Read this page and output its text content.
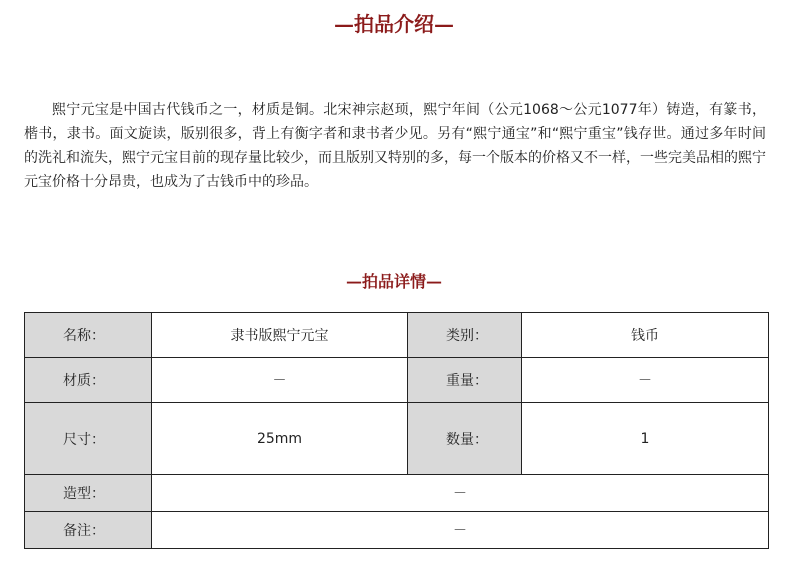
—拍品介绍—

熙宁元宝是中国古代钱币之一，材质是铜。北宋神宗赵顼，熙宁年间（公元1068～公元1077年）铸造，有篆书，楷书，隶书。面文旋读，版别很多，背上有衡字者和隶书者少见。另有“熙宁通宝”和“熙宁重宝”钱存世。通过多年时间的洗礼和流失，熙宁元宝目前的现存量比较少，而且版别又特别的多，每一个版本的价格又不一样，一些完美品相的熙宁元宝价格十分昂贵，也成为了古钱币中的珍品。

—拍品详情—
名称：	隶书版熙宁元宝	类别：	钱币
材质：	－	重量：	－
尺寸：	25mm	数量：	1
造型：	－		
备注：	－		
